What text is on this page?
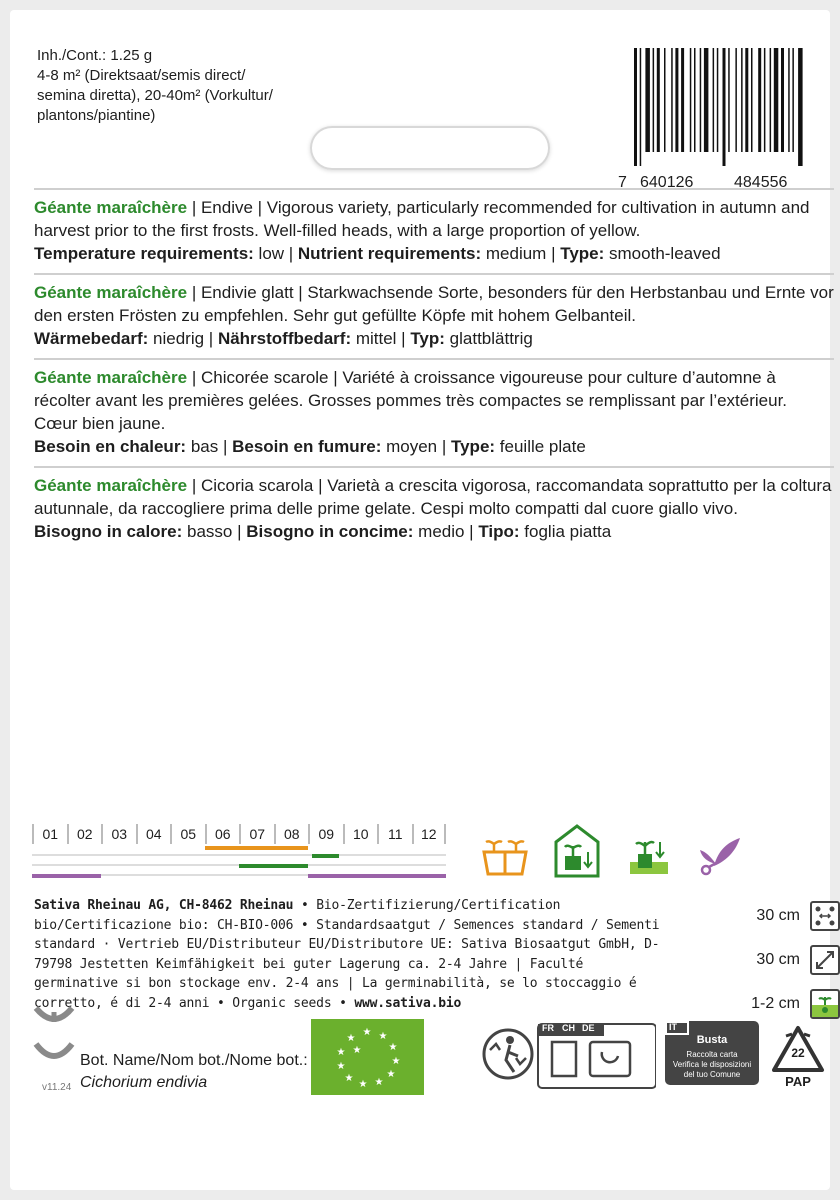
Inh./Cont.: 1.25 g
4-8 m² (Direktsaat/semis direct/
semina diretta), 20-40m² (Vorkultur/
plantons/piantine)
7 640126	484556
Géante maraîchère | Endive | Vigorous variety, particularly recommended for cultivation in autumn and harvest prior to the first frosts. Well-filled heads, with a large proportion of yellow.
Temperature requirements: low | Nutrient requirements: medium | Type: smooth-leaved
Géante maraîchère | Endivie glatt | Starkwachsende Sorte, besonders für den Herbstanbau und Ernte vor den ersten Frösten zu empfehlen. Sehr gut gefüllte Köpfe mit hohem Gelbanteil.
Wärmebedarf: niedrig | Nährstoffbedarf: mittel | Typ: glattblättrig
Géante maraîchère | Chicorée scarole | Variété à croissance vigoureuse pour culture d’automne à récolter avant les premières gelées. Grosses pommes très compactes se remplissant par l’extérieur. Cœur bien jaune.
Besoin en chaleur: bas | Besoin en fumure: moyen | Type: feuille plate
Géante maraîchère | Cicoria scarola | Varietà a crescita vigorosa, raccomandata soprattutto per la coltura autunnale, da raccogliere prima delle prime gelate. Cespi molto compatti dal cuore giallo vivo.
Bisogno in calore: basso | Bisogno in concime: medio | Tipo: foglia piatta
01	02	03	04	05	06	07	08	09	10	11	12
Sativa Rheinau AG, CH-8462 Rheinau • Bio-Zertifizierung/Certification bio/Certificazione bio: CH-BIO-006 • Standardsaatgut / Semences standard / Sementi standard · Vertrieb EU/Distributeur EU/Distributore UE: Sativa Biosaatgut GmbH, D-79798 Jestetten Keimfähigkeit bei guter Lagerung ca. 2-4 Jahre | Faculté germinative si bon stockage env. 2-4 ans | La germinabilità, se lo stoccaggio é corretto, é di 2-4 anni • Organic seeds • www.sativa.bio
30 cm
30 cm
1-2 cm
v11.24
Bot. Name/Nom bot./Nome bot.:
Cichorium endivia
★ ★
★
★
★
★
★
★
★
★
★
★
FR CH DE	IT
Busta
Raccolta carta
Verifica le disposizioni
del tuo Comune
22
PAP
